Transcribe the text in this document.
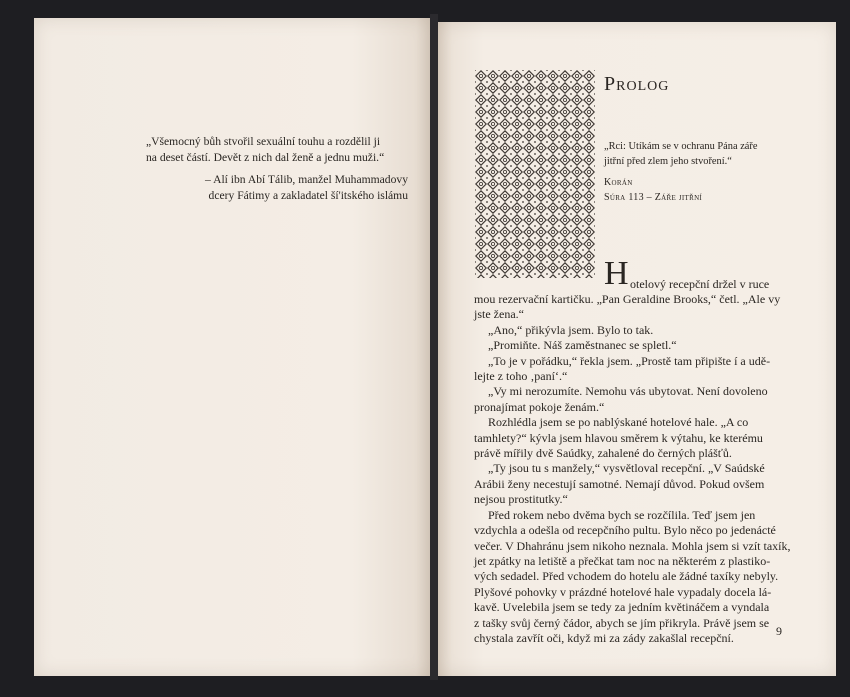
„Všemocný bůh stvořil sexuální touhu a rozdělil ji
na deset částí. Devět z nich dal ženě a jednu muži.“
– Alí ibn Abí Tálib, manžel Muhammadovy
dcery Fátimy a zakladatel ší'itského islámu
Prolog
„Rci: Utíkám se v ochranu Pána záře
jitřní před zlem jeho stvoření.“
Korán
Súra 113 – Záře jitřní
H otelový recepční držel v ruce
mou rezervační kartičku. „Pan Geraldine Brooks,“ četl. „Ale vy
jste žena.“
„Ano,“ přikývla jsem. Bylo to tak.
„Promiňte. Náš zaměstnanec se spletl.“
„To je v pořádku,“ řekla jsem. „Prostě tam připište í a udě-
lejte z toho ‚paní‘.“
„Vy mi nerozumíte. Nemohu vás ubytovat. Není dovoleno
pronajímat pokoje ženám.“
Rozhlédla jsem se po nablýskané hotelové hale. „A co
tamhlety?“ kývla jsem hlavou směrem k výtahu, ke kterému
právě mířily dvě Saúdky, zahalené do černých plášťů.
„Ty jsou tu s manžely,“ vysvětloval recepční. „V Saúdské
Arábii ženy necestují samotné. Nemají důvod. Pokud ovšem
nejsou prostitutky.“
Před rokem nebo dvěma bych se rozčílila. Teď jsem jen
vzdychla a odešla od recepčního pultu. Bylo něco po jedenácté
večer. V Dhahránu jsem nikoho neznala. Mohla jsem si vzít taxík,
jet zpátky na letiště a přečkat tam noc na některém z plastiko-
vých sedadel. Před vchodem do hotelu ale žádné taxíky nebyly.
Plyšové pohovky v prázdné hotelové hale vypadaly docela lá-
kavě. Uvelebila jsem se tedy za jedním květináčem a vyndala
z tašky svůj černý čádor, abych se jím přikryla. Právě jsem se
chystala zavřít oči, když mi za zády zakašlal recepční.	9
